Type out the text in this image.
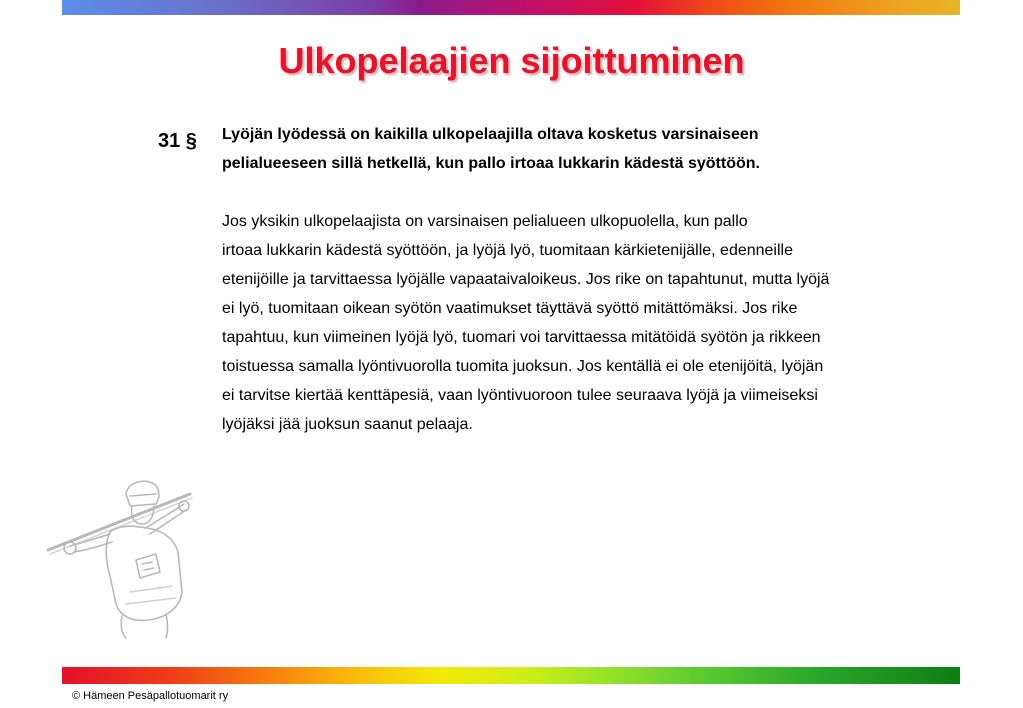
Ulkopelaajien sijoittuminen
31 § Lyöjän lyödessä on kaikilla ulkopelaajilla oltava kosketus varsinaiseen
pelialueeseen sillä hetkellä, kun pallo irtoaa lukkarin kädestä syöttöön.
Jos yksikin ulkopelaajista on varsinaisen pelialueen ulkopuolella, kun pallo
irtoaa lukkarin kädestä syöttöön, ja lyöjä lyö, tuomitaan kärkietenijälle, edenneille
etenijöille ja tarvittaessa lyöjälle vapaataivaloikeus. Jos rike on tapahtunut, mutta lyöjä
ei lyö, tuomitaan oikean syötön vaatimukset täyttävä syöttö mitättömäksi. Jos rike
tapahtuu, kun viimeinen lyöjä lyö, tuomari voi tarvittaessa mitätöidä syötön ja rikkeen
toistuessa samalla lyöntivuorolla tuomita juoksun. Jos kentällä ei ole etenijöitä, lyöjän
ei tarvitse kiertää kenttäpesiä, vaan lyöntivuoroon tulee seuraava lyöjä ja viimeiseksi
lyöjäksi jää juoksun saanut pelaaja.
© Hämeen Pesäpallotuomarit ry
